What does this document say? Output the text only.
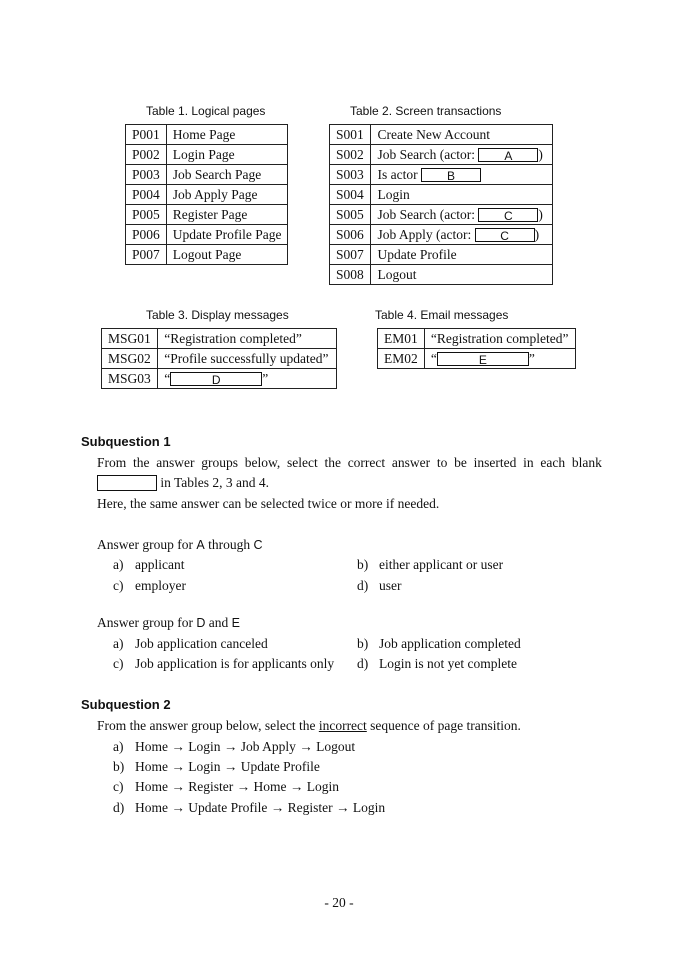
Table 1. Logical pages
P001	Home Page
P002	Login Page
P003	Job Search Page
P004	Job Apply Page
P005	Register Page
P006	Update Profile Page
P007	Logout Page
Table 2. Screen transactions
S001	Create New Account
S002	Job Search (actor: A )
S003	Is actor B
S004	Login
S005	Job Search (actor: C )
S006	Job Apply (actor: C )
S007	Update Profile
S008	Logout
Table 3. Display messages
MSG01	“Registration completed”
MSG02	“Profile successfully updated”
MSG03	“ D ”
Table 4. Email messages
EM01	“Registration completed”
EM02	“ E ”
Subquestion 1
From  the  answer  groups  below,  select  the  correct  answer  to  be  inserted  in  each  blank
in Tables 2, 3 and 4.
Here, the same answer can be selected twice or more if needed.
Answer group for A through C
a) applicant	b) either applicant or user
c) employer	d) user
Answer group for D and E
a) Job application canceled	b) Job application completed
c) Job application is for applicants only d) Login is not yet complete
Subquestion 2
From the answer group below, select the incorrect sequence of page transition.
a) Home → Login → Job Apply → Logout
b) Home → Login → Update Profile
c) Home → Register → Home → Login
d) Home → Update Profile → Register → Login
- 20 -
